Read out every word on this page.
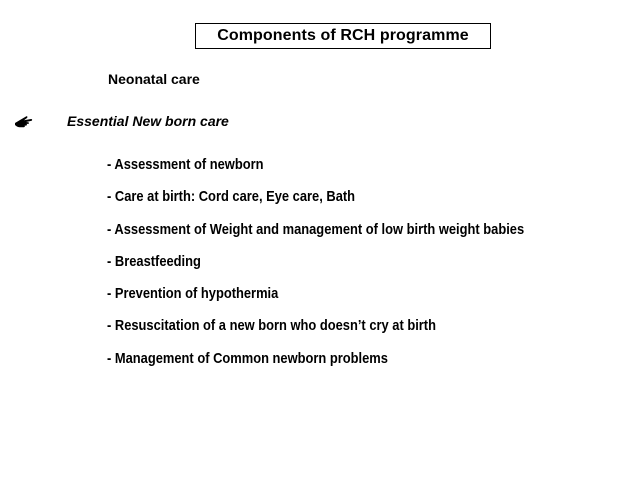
Components of RCH programme
Neonatal care
Essential New born care
- Assessment of newborn
- Care at birth: Cord care, Eye care, Bath
- Assessment of Weight and management of low birth weight babies
- Breastfeeding
- Prevention of hypothermia
- Resuscitation of a new born who doesn’t cry at birth
- Management of Common newborn problems
